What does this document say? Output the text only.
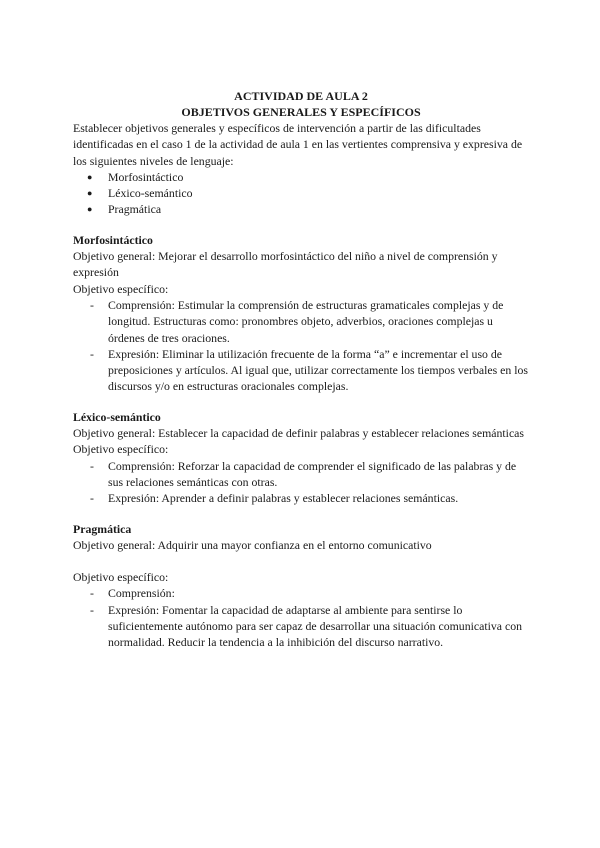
ACTIVIDAD DE AULA 2
OBJETIVOS GENERALES Y ESPECÍFICOS

Establecer objetivos generales y específicos de intervención a partir de las dificultades identificadas en el caso 1 de la actividad de aula 1 en las vertientes comprensiva y expresiva de los siguientes niveles de lenguaje:

● Morfosintáctico
● Léxico-semántico
● Pragmática

Morfosintáctico

Objetivo general: Mejorar el desarrollo morfosintáctico del niño a nivel de comprensión y expresión

Objetivo específico:

- Comprensión: Estimular la comprensión de estructuras gramaticales complejas y de longitud. Estructuras como: pronombres objeto, adverbios, oraciones complejas u órdenes de tres oraciones.
- Expresión: Eliminar la utilización frecuente de la forma “a” e incrementar el uso de preposiciones y artículos. Al igual que, utilizar correctamente los tiempos verbales en los discursos y/o en estructuras oracionales complejas.

Léxico-semántico

Objetivo general: Establecer la capacidad de definir palabras y establecer relaciones semánticas

Objetivo específico:

- Comprensión: Reforzar la capacidad de comprender el significado de las palabras y de sus relaciones semánticas con otras.
- Expresión: Aprender a definir palabras y establecer relaciones semánticas.

Pragmática

Objetivo general: Adquirir una mayor confianza en el entorno comunicativo

Objetivo específico:

- Comprensión:
- Expresión: Fomentar la capacidad de adaptarse al ambiente para sentirse lo suficientemente autónomo para ser capaz de desarrollar una situación comunicativa con normalidad. Reducir la tendencia a la inhibición del discurso narrativo.
